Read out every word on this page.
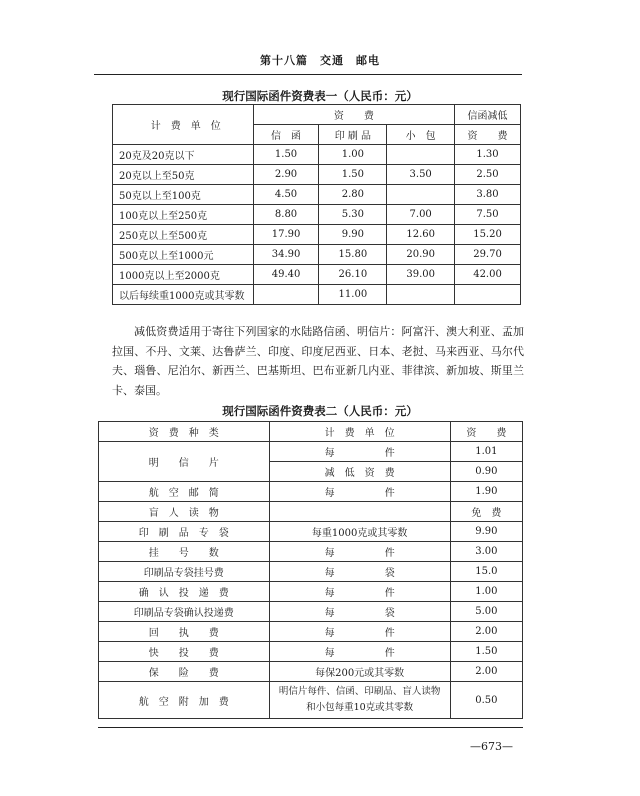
第十八篇　交通　邮电
现行国际函件资费表一（人民币：元）
计　费　单　位	资　　费			信函减低
	信　函	印 刷 品	小　包	资　　费
20克及20克以下	1.50	1.00		1.30
20克以上至50克	2.90	1.50	3.50	2.50
50克以上至100克	4.50	2.80		3.80
100克以上至250克	8.80	5.30	7.00	7.50
250克以上至500克	17.90	9.90	12.60	15.20
500克以上至1000元	34.90	15.80	20.90	29.70
1000克以上至2000克	49.40	26.10	39.00	42.00
以后每续重1000克或其零数		11.00		
减低资费适用于寄往下列国家的水陆路信函、明信片：阿富汗、澳大利亚、孟加拉国、不丹、文莱、达鲁萨兰、印度、印度尼西亚、日本、老挝、马来西亚、马尔代夫、瑙鲁、尼泊尔、新西兰、巴基斯坦、巴布亚新几内亚、菲律滨、新加坡、斯里兰卡、泰国。
现行国际函件资费表二（人民币：元）
资　费　种　类	计　费　单　位	资　　费
明　　信　　片	每 件	1.01
	减　低　资　费	0.90
航　空　邮　简	每 件	1.90
盲　人　读　物		免　费
印　刷　品　专　袋	每重1000克或其零数	9.90
挂　　号　　数	每 件	3.00
印刷品专袋挂号费	每 袋	15.0
确　认　投　递　费	每 件	1.00
印刷品专袋确认投递费	每 袋	5.00
回　　执　　费	每 件	2.00
快　　投　　费	每 件	1.50
保　　险　　费	每保200元或其零数	2.00
航　空　附　加　费	明信片每件、信函、印刷品、盲人读物
和小包每重10克或其零数	0.50
—673—
